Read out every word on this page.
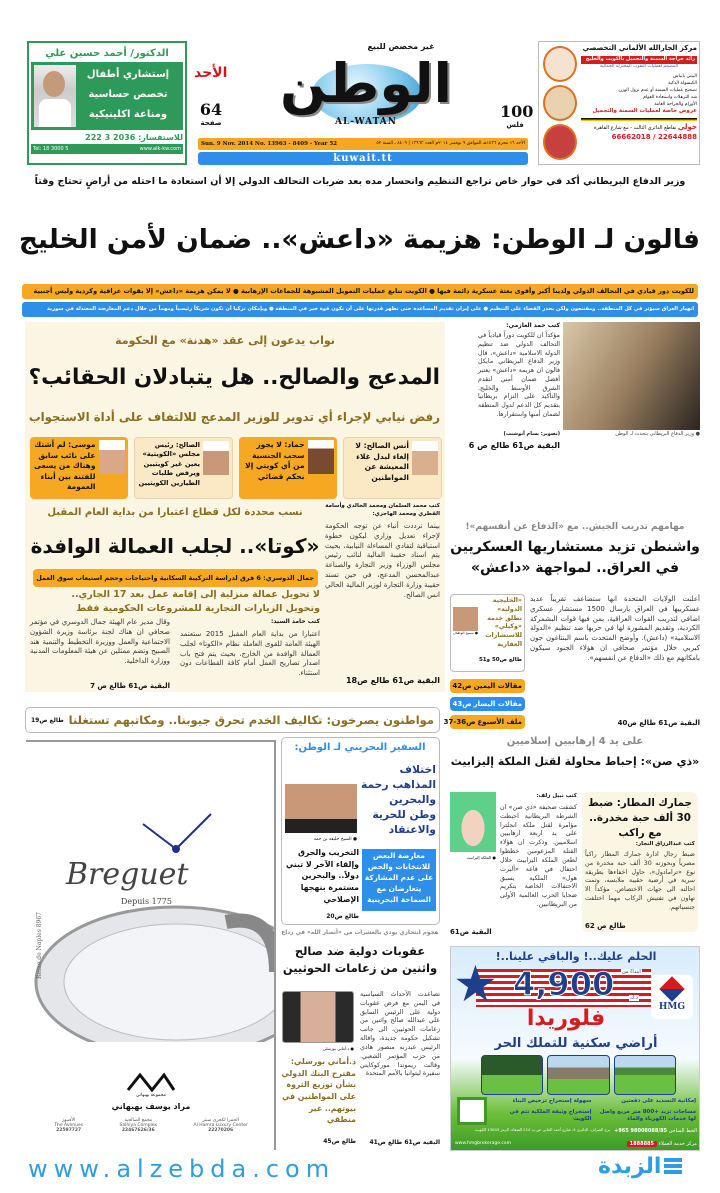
الدكتور/ أحمد حسين علي
إستشاري أطفال
تخصص حساسية
ومناعة اكلينيكية
للاستفسار: 2036 3 222
Tel: 18 3000 5	www.alk-kw.com
64
صفحة
الأحد
غير مخصص للبيع
الوطن
AL-WATAN
100
فلس
Sun. 9 Nov. 2014 No. 13963 - 8409 - Year 52	الأحد ١٦ محرم ١٤٣٦هـ الموافق ٩ نوفمبر ٢٠١٤م العدد ١٣٩٦٣ | ٨٤٠٩ ـ السنة ٥٢
kuwait.tt
مركز الجارالله الألماني التخصصي
رائد جراحة السمنة والتجميل بالكويت والخليج
المصمم لعمليات الثقوب المختزلة الجمالية
البيني بايباس
الكبسولة الذكية
تصحيح عمليات السمنة أو عدم نزول الوزن
شد الترهلات واستعادة القوام
الأورام والجراحة العامة
عروض خاصة لعمليات السمنة والتجميل
حولي تقاطع الدائري الثالث - مع شارع القاهرة
66662018 / 22644888
وزير الدفاع البريطاني أكد في حوار خاص تراجع التنظيم وانحسار مده بعد ضربات التحالف الدولي إلا أن استعادة ما احتله من أراضٍ تحتاج وقتاً
فالون لـ الوطن: هزيمة «داعش».. ضمان لأمن الخليج
للكويت دور قيادي في التحالف الدولي ولدينا أكبر وأقوى بعثة عسكرية دائمة فيها ● الكويت تتابع عمليات التمويل المشبوهة للجماعات الإرهابية ● لا يمكن هزيمة «داعش» إلا بقوات عراقية وكردية وليس أجنبية
انهيار العراق سيؤثر في كل المنطقة.. ومقتنعون ولكن بحذر القضاء على التنظيم ● على إيران تقديم المساعدة حتى تظهر قدرتها على أن تكون قوة خير في المنطقة ● وبإمكان تركيا أن تكون شريكاً رئيسياً ومهماً من خلال دعم المعارضة المعتدلة في سورية
كتب حمد العازمي:
مؤكداً ان للكويت دوراً قيادياً في التحالف الدولي ضد تنظيم الدولة الاسلامية «داعش»، قال وزير الدفاع البريطاني مايكل فالون ان هزيمة «داعش» يعتبر أفضل ضمان أمني لتقدم الشرق الأوسط والخليج. والتأكيد على التزام بريطانيا بتقديم كل الدعم لدول المنطقة لضمان أمنها واستقرارها.
● وزير الدفاع البريطاني يتحدث لـ الوطن
(تصوير: بسام أبوشنب)
البقية ص61 طالع ص 6
نواب يدعون إلى عقد «هدنة» مع الحكومة
المدعج والصالح.. هل يتبادلان الحقائب؟
رفض نيابي لإجراء أي تدوير للوزير المدعج للالتفاف على أداة الاستجواب
أنس الصالح: لا إلغاء لبدل غلاء المعيشة عن المواطنين
حماد: لا يجوز سحب الجنسية من أي كويتي إلا بحكم قضائي
الصالح: رئيس مجلس «الكويتية» يعين غير كويتيين ويرفض طلبات الطيارين الكويتيين
موسى: لم أشتك على نائب سابق وهناك من يسعى للفتنة بين أبناء العمومة
كتب محمد السلمان ومحمد الخالدي وأسامة القطري ومحمد الهاجري:
بينما ترددت أنباء عن توجه الحكومة لإجراء تعديل وزاري ليكون خطوة استباقية لتفادي المساءلة النيابية، بحيث يتم اسناد حقيبة المالية لنائب رئيس مجلس الوزراء وزير التجارة والصناعة عبدالمحسن المدعج، في حين تسند حقيبة وزارة التجارة لوزير المالية الحالي انس الصالح.
البقية ص61 طالع ص18
نسب محددة لكل قطاع اعتبارا من بداية العام المقبل
«كوتا».. لجلب العمالة الوافدة
جمال الدوسري: 6 فرق لدراسة التركيبة السكانية واحتياجات وحجم استيعاب سوق العمل
لا تحويل عمالة منزلية إلى إقامة عمل بعد 17 الجاري..
وتحويل الزيارات التجارية للمشروعات الحكومية فقط
كتب حامد السيد:
اعتبارا من بداية العام المقبل 2015 ستعتمد الهيئة العامة للقوى العاملة نظام «الكوتا» لجلب العمالة الوافدة من الخارج، بحيث يتم فتح باب اصدار تصاريح العمل أمام كافة القطاعات دون استثناء.
وقال مدير عام الهيئة جمال الدوسري في مؤتمر صحافي ان هناك لجنة برئاسة وزيرة الشؤون الاجتماعية والعمل ووزيرة التخطيط والتنمية هند الصبيح وتضم ممثلين عن هيئة المعلومات المدنية ووزارة الداخلية.
البقية ص61 طالع ص 7
مهامهم تدريب الجيش.. مع «الدفاع عن أنفسهم»!
واشنطن تزيد مستشاريها العسكريين في العراق.. لمواجهة «داعش»
«الخليجية الدولية» تطلق خدمة «وكيلي» للاستشارات العقارية
طالع ص50 و51
● سميح الوطبان
مقالات اليمين
ص42
مقالات اليسار
ص43
ملف الأسبوع
ص36-37
أعلنت الولايات المتحدة انها ستضاعف تقريباً عديد عسكرييها في العراق بارسال 1500 مستشار عسكري اضافي لتدريب القوات العراقية، بمن فيها قوات البشمركة الكردية، وتقديم المشورة لها في حربها ضد تنظيم «الدولة الاسلامية» (داعش). وأوضح المتحدث باسم البنتاغون جون كيربي خلال مؤتمر صحافي ان هؤلاء الجنود سيكون بامكانهم مع ذلك «الدفاع عن انفسهم».
البقية ص61 طالع ص40
مواطنون يصرخون: تكاليف الخدم تحرق جيوبنا.. ومكاتبهم تستغلنا
طالع ص19
Breguet
Depuis 1775
Reine de Naples 8967
مجموعة بهبهاني
مراد يوسف بهبهاني
الحمرا لكجري سنتر
Al Hamra Luxury Center
22270206
مجمع الصالحية
Salhiya Complex
22467626/36
الأفنيوز
The Avenues
22597727
السفير البحريني لـ الوطن:
اختلاف المذاهب رحمة والبحرين وطن للحرية والاعتقاد
معارضة البعض للانتخابات والحض على عدم المشاركة يتعارضان مع السماحة البحرينية
● الشيخ خليفة بن حمد
التخريب والحرق وإلقاء الآخر لا تبني دولاً.. والبحرين مستمرة بنهجها الإصلاحي
طالع ص20
هجوم انتحاري يودي بالعشرات من «أنصار الله» في رداع
عقوبات دولية ضد صالح واثنين من زعامات الحوثيين
● د.أماني بورسلي
د.أماني بورسلي: مقترح البنك الدولي بشأن توزيع الثروة على المواطنين في بيوتهم.. غير منطقي
طالع ص45
تصاعدت الأحداث السياسية في اليمن مع فرض عقوبات دولية على الرئيس السابق علي عبدالله صالح واثنين من زعامات الحوثيين، الى جانب تشكيل حكومة جديدة، واقالة الرئيس عبدربه منصور هادي من حزب المؤتمر الشعبي. وقالت ريموندا موركوكايتي سفيرة ليتوانيا بالأمم المتحدة
البقية ص61 طالع ص41
على يد 4 إرهابيين إسلاميين
«ذي صن»: إحباط محاولة لقتل الملكة إليزابيث
كتب نبيل زلف:
● الملكة إليزابيث
كشفت صحيفة «ذي صن» ان الشرطة البريطانية احبطت مؤامرة لقتل ملكة انجلترا على يد اربعة ارهابيين اسلاميين. وذكرت ان هؤلاء القتلة المزعومين خططوا لطعن الملكة اليزابيث خلال احتفال في قاعة «ألبرت هول» الملكية يسبق الاحتفالات الخاصة بتكريم ضحايا الحرب العالمية الأولى من البريطانيين.
البقية ص61
جمارك المطار: ضبط 30 ألف حبة مخدرة.. مع راكب
كتب عبدالرزاق النجار:
ضبط رجال ادارة جمارك المطار راكباً مصرياً وبحوزته 30 ألف حبة مخدرة من نوع «ترامادول»، حاول اخفاءها بطريقة سرية في أرضية حقيبة ملابسه، وتمت احالته الى جهات الاختصاص. مؤكداً الا تهاون في تفتيش الركاب مهما اختلفت جنسياتهم.
طالع ص 62
الحلم عليك..! والباقي علينا..!
★	ابتداءً من
4,900	د.ك
فلوريدا
أراضي سكنية للتملك الحر
HMG
إمكانية التسديد على دفعتين
سهولة إستخراج ترخيص البناء
مساحات تزيد +800 متر مربع واصل لها خدمات الكهرباء والماء
إستخراج وثيقة الملكية تتم في الكويت
الخط الساخن +965 98008088/85
برج الصراف، الدائري 4، شارع أحمد الجابر، ص.ب 214 الصفاة، الرمز 13003 الكويت
مركز خدمة العملاء 1888885
www.hmgbrokerage.com
www.alzebda.com	الزبدة
